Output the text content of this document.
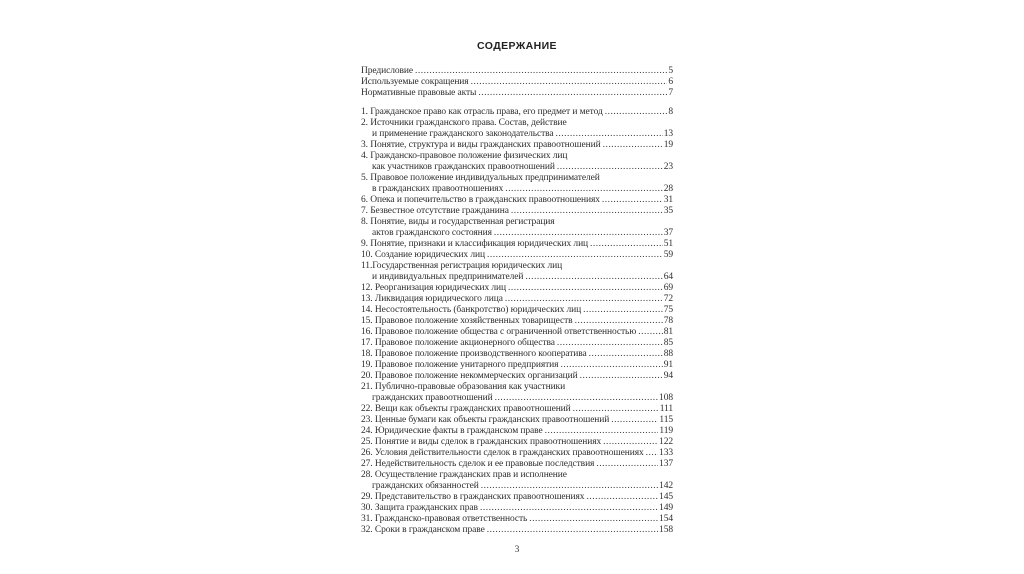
СОДЕРЖАНИЕ
Предисловие .....	5
Используемые сокращения .....	6
Нормативные правовые акты .....	7
1. Гражданское право как отрасль права, его предмет и метод .....	8
2. Источники гражданского права. Состав, действие
и применение гражданского законодательства .....	13
3. Понятие, структура и виды гражданских правоотношений .....	19
4. Гражданско-правовое положение физических лиц
как участников гражданских правоотношений .....	23
5. Правовое положение индивидуальных предпринимателей
в гражданских правоотношениях .....	28
6. Опека и попечительство в гражданских правоотношениях .....	31
7. Безвестное отсутствие гражданина .....	35
8. Понятие, виды и государственная регистрация
актов гражданского состояния .....	37
9. Понятие, признаки и классификация юридических лиц .....	51
10. Создание юридических лиц .....	59
11.Государственная регистрация юридических лиц
и индивидуальных предпринимателей .....	64
12. Реорганизация юридических лиц .....	69
13. Ликвидация юридического лица .....	72
14. Несостоятельность (банкротство) юридических лиц .....	75
15. Правовое положение хозяйственных товариществ .....	78
16. Правовое положение общества с ограниченной ответственностью .....	81
17. Правовое положение акционерного общества .....	85
18. Правовое положение производственного кооператива .....	88
19. Правовое положение унитарного предприятия .....	91
20. Правовое положение некоммерческих организаций .....	94
21. Публично-правовые образования как участники
гражданских правоотношений .....	108
22. Вещи как объекты гражданских правоотношений .....	111
23. Ценные бумаги как объекты гражданских правоотношений .....	115
24. Юридические факты в гражданском праве .....	119
25. Понятие и виды сделок в гражданских правоотношениях .....	122
26. Условия действительности сделок в гражданских правоотношениях ..... 133
27. Недействительность сделок и ее правовые последствия .....	137
28. Осуществление гражданских прав и исполнение
гражданских обязанностей .....	142
29. Представительство в гражданских правоотношениях .....	145
30. Защита гражданских прав .....	149
31. Гражданско-правовая ответственность .....	154
32. Сроки в гражданском праве .....	158
3
